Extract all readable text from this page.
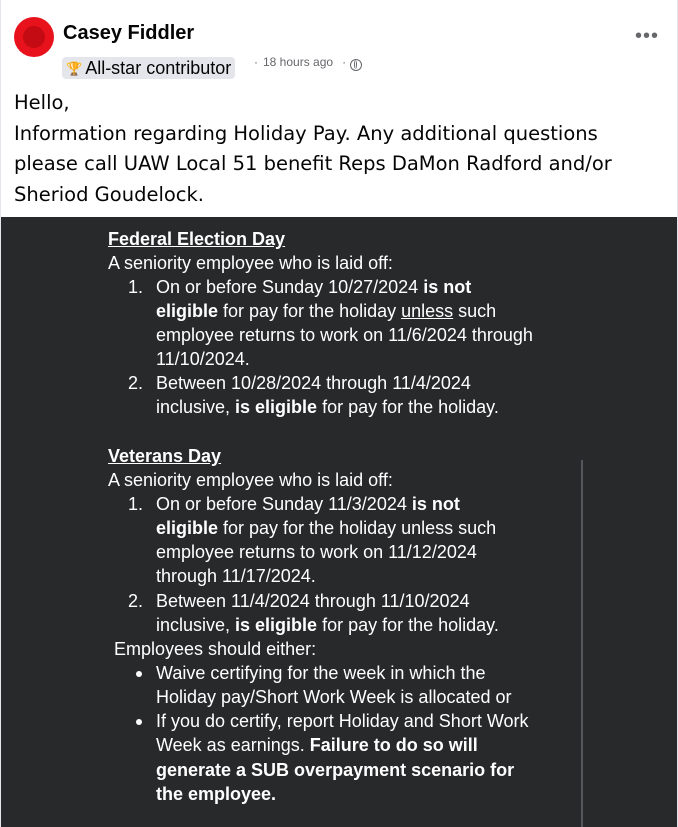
Casey Fiddler
🏆 All-star contributor · 18 hours ago ·
•••
Hello,
Information regarding Holiday Pay. Any additional questions
please call UAW Local 51 benefit Reps DaMon Radford and/or
Sheriod Goudelock.
Federal Election Day
A seniority employee who is laid off:
1. On or before Sunday 10/27/2024 is not
eligible for pay for the holiday unless such
employee returns to work on 11/6/2024 through
11/10/2024.
2. Between 10/28/2024 through 11/4/2024
inclusive, is eligible for pay for the holiday.
Veterans Day
A seniority employee who is laid off:
1. On or before Sunday 11/3/2024 is not
eligible for pay for the holiday unless such
employee returns to work on 11/12/2024
through 11/17/2024.
2. Between 11/4/2024 through 11/10/2024
inclusive, is eligible for pay for the holiday.
Employees should either:
Waive certifying for the week in which the
Holiday pay/Short Work Week is allocated or
If you do certify, report Holiday and Short Work
Week as earnings. Failure to do so will
generate a SUB overpayment scenario for
the employee.
